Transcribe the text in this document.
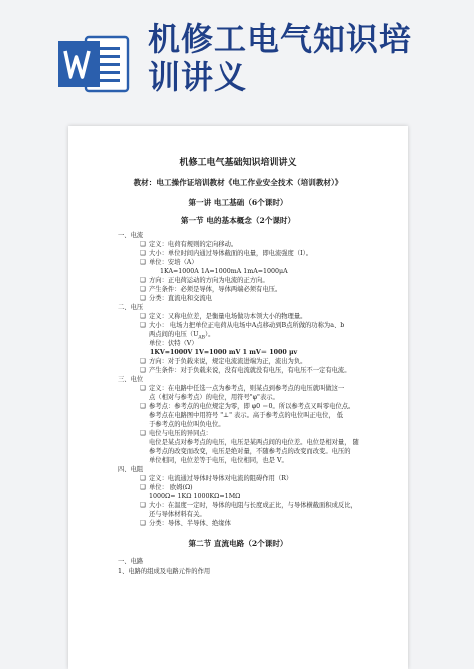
机修工电气知识培
训讲义
机修工电气基础知识培训讲义
教材：电工操作证培训教材《电工作业安全技术（培训教材）》
第一讲 电工基础（6个课时）
第一节 电的基本概念（2个课时）
一、电流
❑ 定义：电荷有规则的定向移动。
❑ 大小：单位时间内通过导体截面的电量，即电流强度（I）。
❑ 单位：安培（A）
1KA=1000A 1A=1000mA 1mA=1000μA
❑ 方向：正电荷运动的方向为电流的正方向。
❑ 产生条件：必须是导体，导体两端必须有电压。
❑ 分类：直流电和交流电
二、电压
❑ 定义：又称电位差，是衡量电场做功本领大小的物理量。
❑ 大小： 电场力把单位正电荷从电场中A点移动到B点所做的功称为a、b
两点间的电压$(U_{AB})$。
单位：伏特（V）
1KV=1000V 1V=1000 mV 1 mV＝ 1000 μv
❑ 方向：对于负载来说，规定电流流进端为正，流出为负。
❑ 产生条件：对于负载来说，没有电流就没有电压，有电压不一定有电流。
三、电位
❑ 定义：在电路中任选一点为参考点，则某点到参考点的电压就叫做这一
点（相对与参考点）的电位，用符号"φ"表示。
❑ 参考点：参考点的电位规定为零，即 φ0 ＝0。所以参考点又叫零电位点。
参考点在电路图中用符号 "⊥" 表示。高于参考点的电位叫正电位， 低
于参考点的电位叫负电位。
❑ 电位与电压的异同点：
电位是某点对参考点的电压，电压是某两点间的电位差。电位是相对量， 随
参考点的改变而改变，电压是绝对量，不随参考点的改变而改变。电压的
单位相同，电位差等于电压，电位相同，也是 V。
四、电阻
❑ 定义：电流通过导体时导体对电流的阻碍作用（R）
❑ 单位： 欧姆(Ω)
1000Ω= 1KΩ 1000KΩ=1MΩ
❑ 大小：在温度一定时，导体的电阻与长度成正比，与导体横截面积成反比，
还与导体材料有关。
❑ 分类：导体、半导体、绝缘体
第二节 直流电路（2个课时）
一、电路
1、电路的组成及电路元件的作用
